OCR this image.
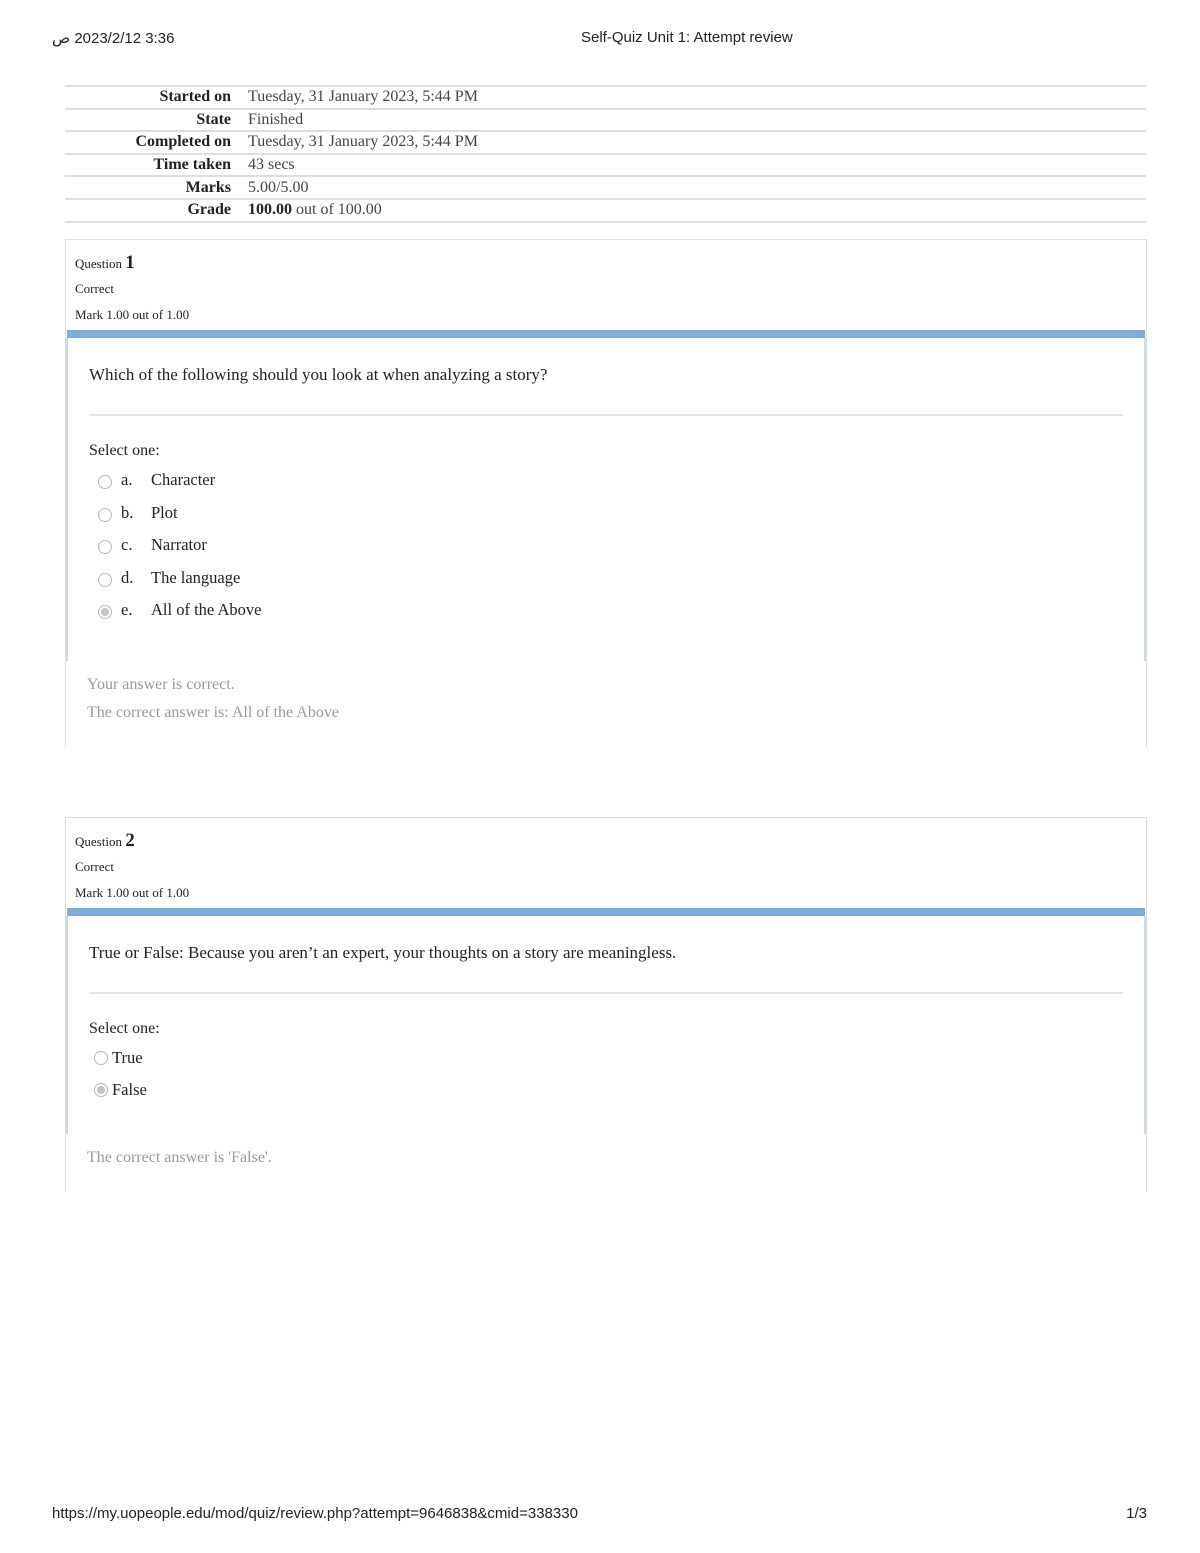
3:36 2023/2/12 ص	Self-Quiz Unit 1: Attempt review
Started on	Tuesday, 31 January 2023, 5:44 PM
State	Finished
Completed on	Tuesday, 31 January 2023, 5:44 PM
Time taken	43 secs
Marks	5.00/5.00
Grade	100.00 out of 100.00
Question 1
Correct
Mark 1.00 out of 1.00
Which of the following should you look at when analyzing a story?
Select one:
a.	Character
b.	Plot
c.	Narrator
d.	The language
e.	All of the Above
Your answer is correct.
The correct answer is: All of the Above
Question 2
Correct
Mark 1.00 out of 1.00
True or False: Because you aren’t an expert, your thoughts on a story are meaningless.
Select one:
True
False
The correct answer is 'False'.
https://my.uopeople.edu/mod/quiz/review.php?attempt=9646838&cmid=338330	1/3
